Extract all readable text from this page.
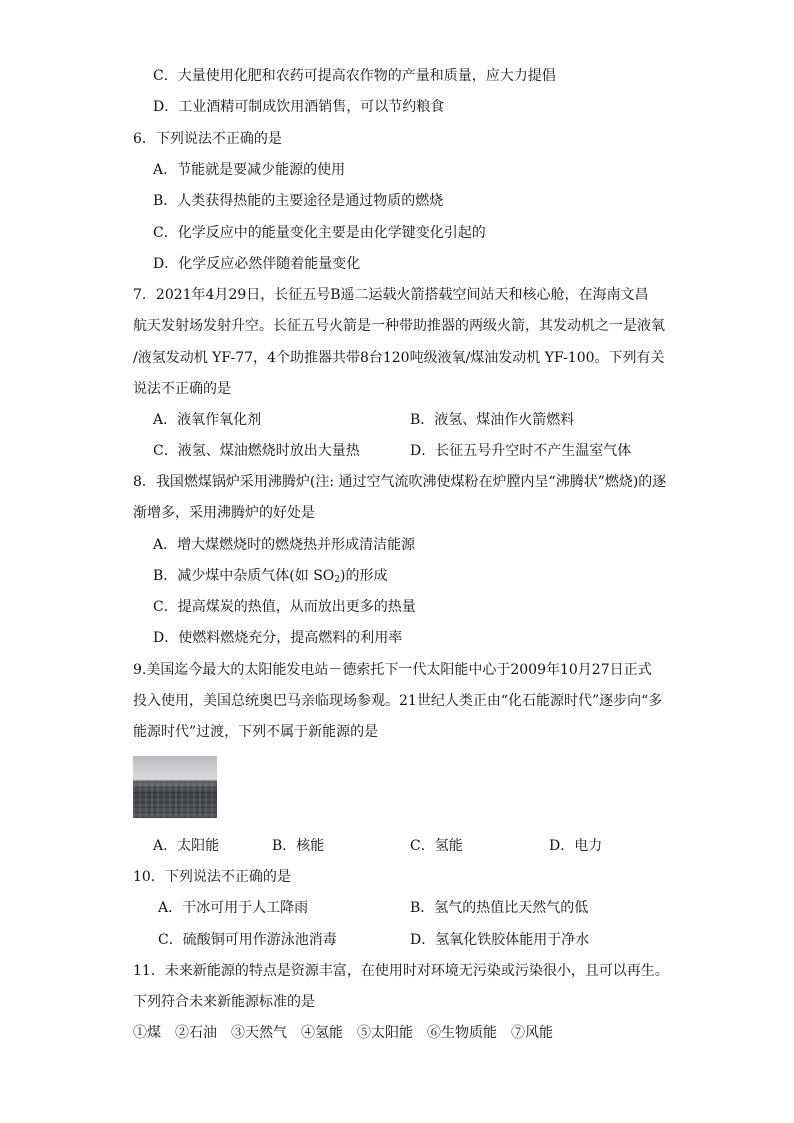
C．大量使用化肥和农药可提高农作物的产量和质量，应大力提倡
D．工业酒精可制成饮用酒销售，可以节约粮食
6．下列说法不正确的是
A．节能就是要减少能源的使用
B．人类获得热能的主要途径是通过物质的燃烧
C．化学反应中的能量变化主要是由化学键变化引起的
D．化学反应必然伴随着能量变化
7．2021年4月29日，长征五号B遥二运载火箭搭载空间站天和核心舱，在海南文昌
航天发射场发射升空。长征五号火箭是一种带助推器的两级火箭，其发动机之一是液氧
/液氢发动机 YF-77，4个助推器共带8台120吨级液氧/煤油发动机 YF-100。下列有关
说法不正确的是
A．液氧作氧化剂	B．液氢、煤油作火箭燃料
C．液氢、煤油燃烧时放出大量热	D．长征五号升空时不产生温室气体
8．我国燃煤锅炉采用沸腾炉(注: 通过空气流吹沸使煤粉在炉膛内呈“沸腾状”燃烧)的逐
渐增多，采用沸腾炉的好处是
A．增大煤燃烧时的燃烧热并形成清洁能源
B．减少煤中杂质气体(如 $SO_2$)的形成
C．提高煤炭的热值，从而放出更多的热量
D．使燃料燃烧充分，提高燃料的利用率
9.美国迄今最大的太阳能发电站－德索托下一代太阳能中心于2009年10月27日正式
投入使用，美国总统奥巴马亲临现场参观。21世纪人类正由“化石能源时代”逐步向“多
能源时代”过渡，下列不属于新能源的是
A．太阳能	B．核能	C．氢能	D．电力
10．下列说法不正确的是
A．干冰可用于人工降雨	B．氢气的热值比天然气的低
C．硫酸铜可用作游泳池消毒	D．氢氧化铁胶体能用于净水
11．未来新能源的特点是资源丰富，在使用时对环境无污染或污染很小，且可以再生。
下列符合未来新能源标准的是
①煤　②石油　③天然气　④氢能　⑤太阳能　⑥生物质能　⑦风能
